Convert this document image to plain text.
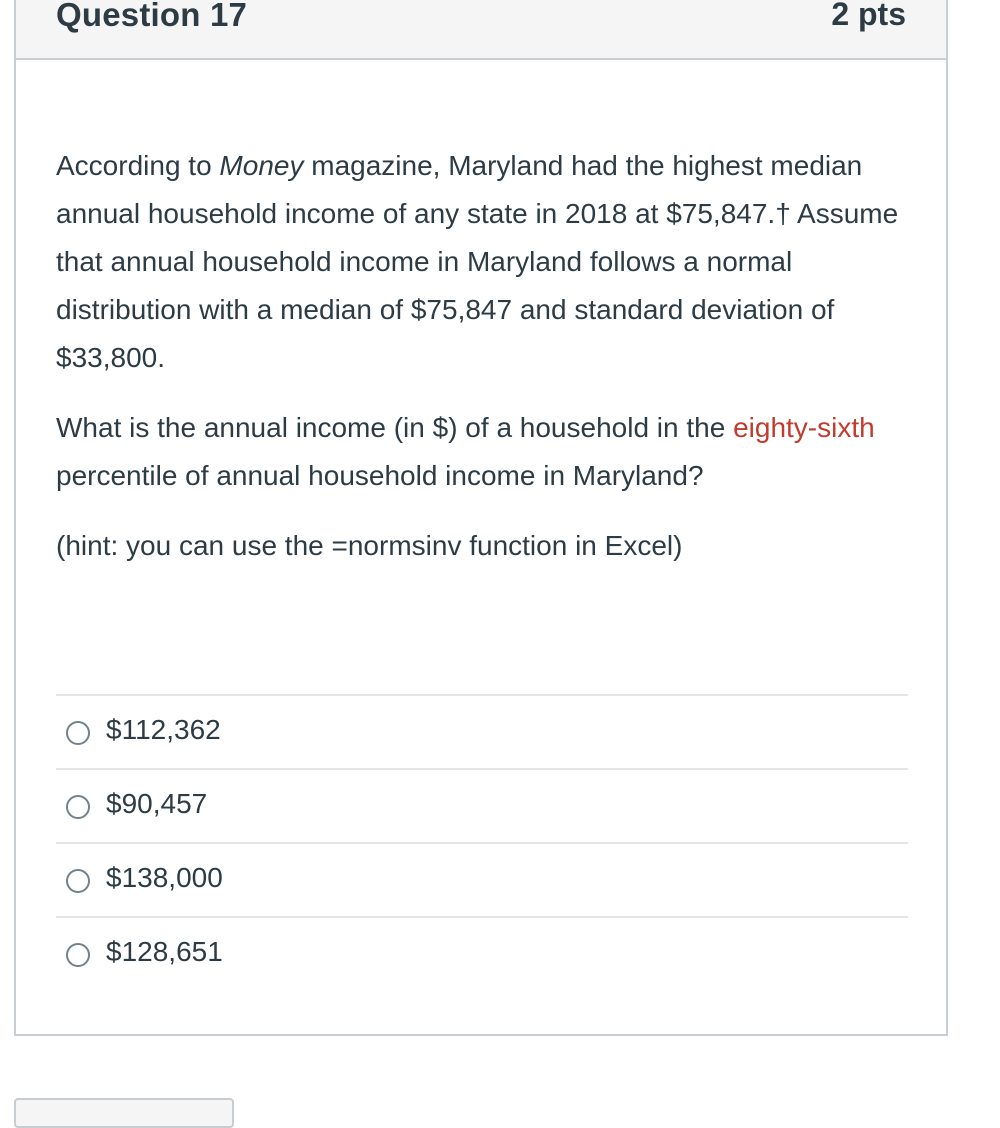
Question 17	2 pts

According to Money magazine, Maryland had the highest median annual household income of any state in 2018 at $75,847.† Assume that annual household income in Maryland follows a normal distribution with a median of $75,847 and standard deviation of $33,800.

What is the annual income (in $) of a household in the eighty-sixth percentile of annual household income in Maryland?

(hint: you can use the =normsinv function in Excel)

$112,362
$90,457
$138,000
$128,651
